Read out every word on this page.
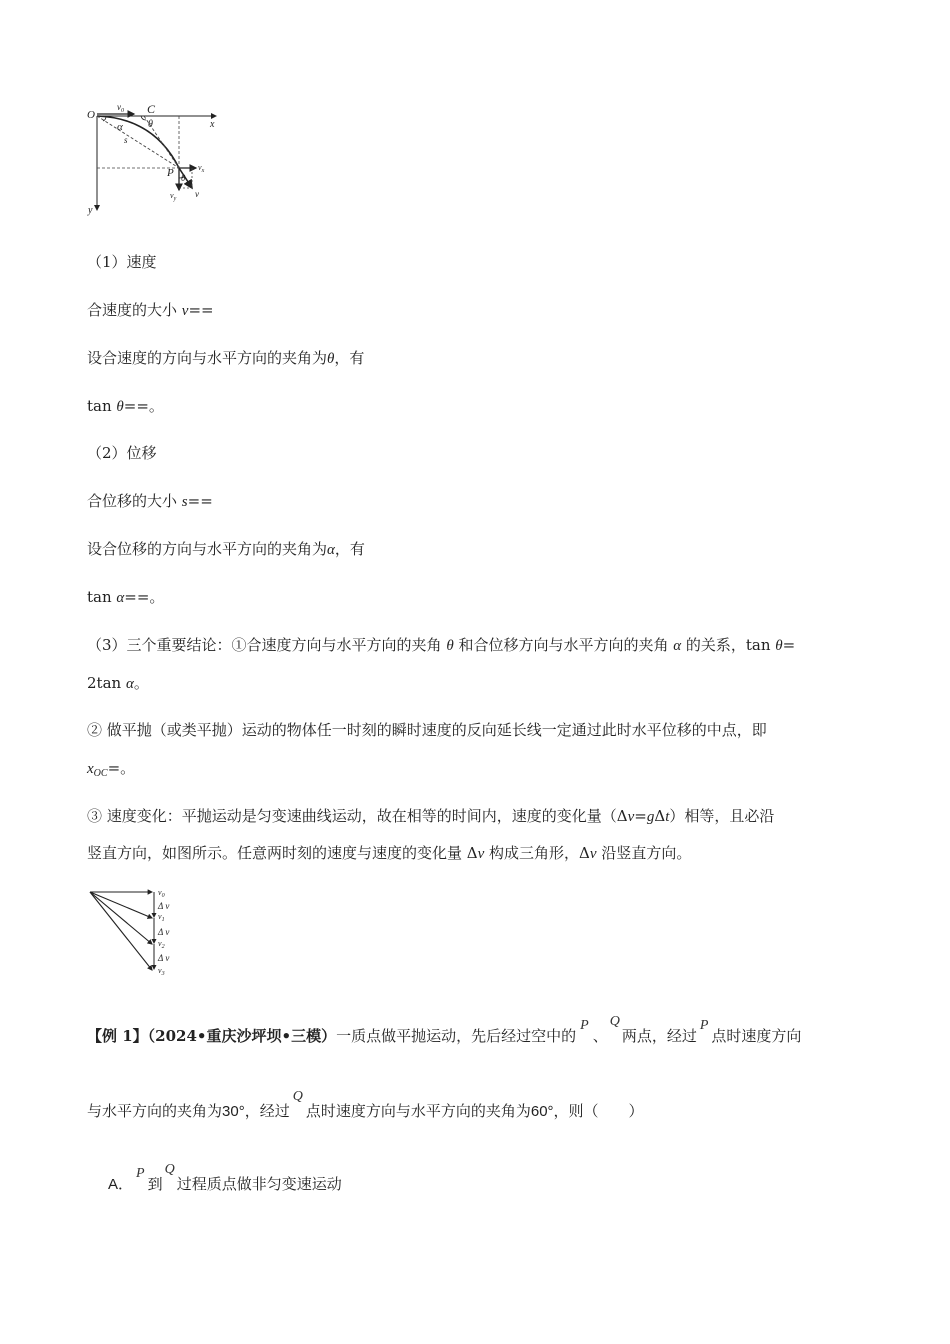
O
$v_0$ C
θ	x
α
s
P	$v_x$
θ
$v_y$ v
y
（1）速度
合速度的大小 v==
设合速度的方向与水平方向的夹角为θ，有
tan θ==。
（2）位移
合位移的大小 s==
设合位移的方向与水平方向的夹角为α，有
tan α==。
（3）三个重要结论：①合速度方向与水平方向的夹角 θ 和合位移方向与水平方向的夹角 α 的关系，tan θ=
2tan α。
② 做平抛（或类平抛）运动的物体任一时刻的瞬时速度的反向延长线一定通过此时水平位移的中点，即
$x_{OC}=$。
③ 速度变化：平抛运动是匀变速曲线运动，故在相等的时间内，速度的变化量（Δv=gΔt）相等，且必沿
竖直方向，如图所示。任意两时刻的速度与速度的变化量 Δv 构成三角形，Δv 沿竖直方向。
$v_0$
Δ v
$v_1$
Δ v
$v_2$
Δ v
$v_3$
【例 1】（2024•重庆沙坪坝•三模）一质点做平抛运动，先后经过空中的P、Q两点，经过P点时速度方向
与水平方向的夹角为30°，经过Q点时速度方向与水平方向的夹角为60°，则（　　）
A．P到Q过程质点做非匀变速运动
